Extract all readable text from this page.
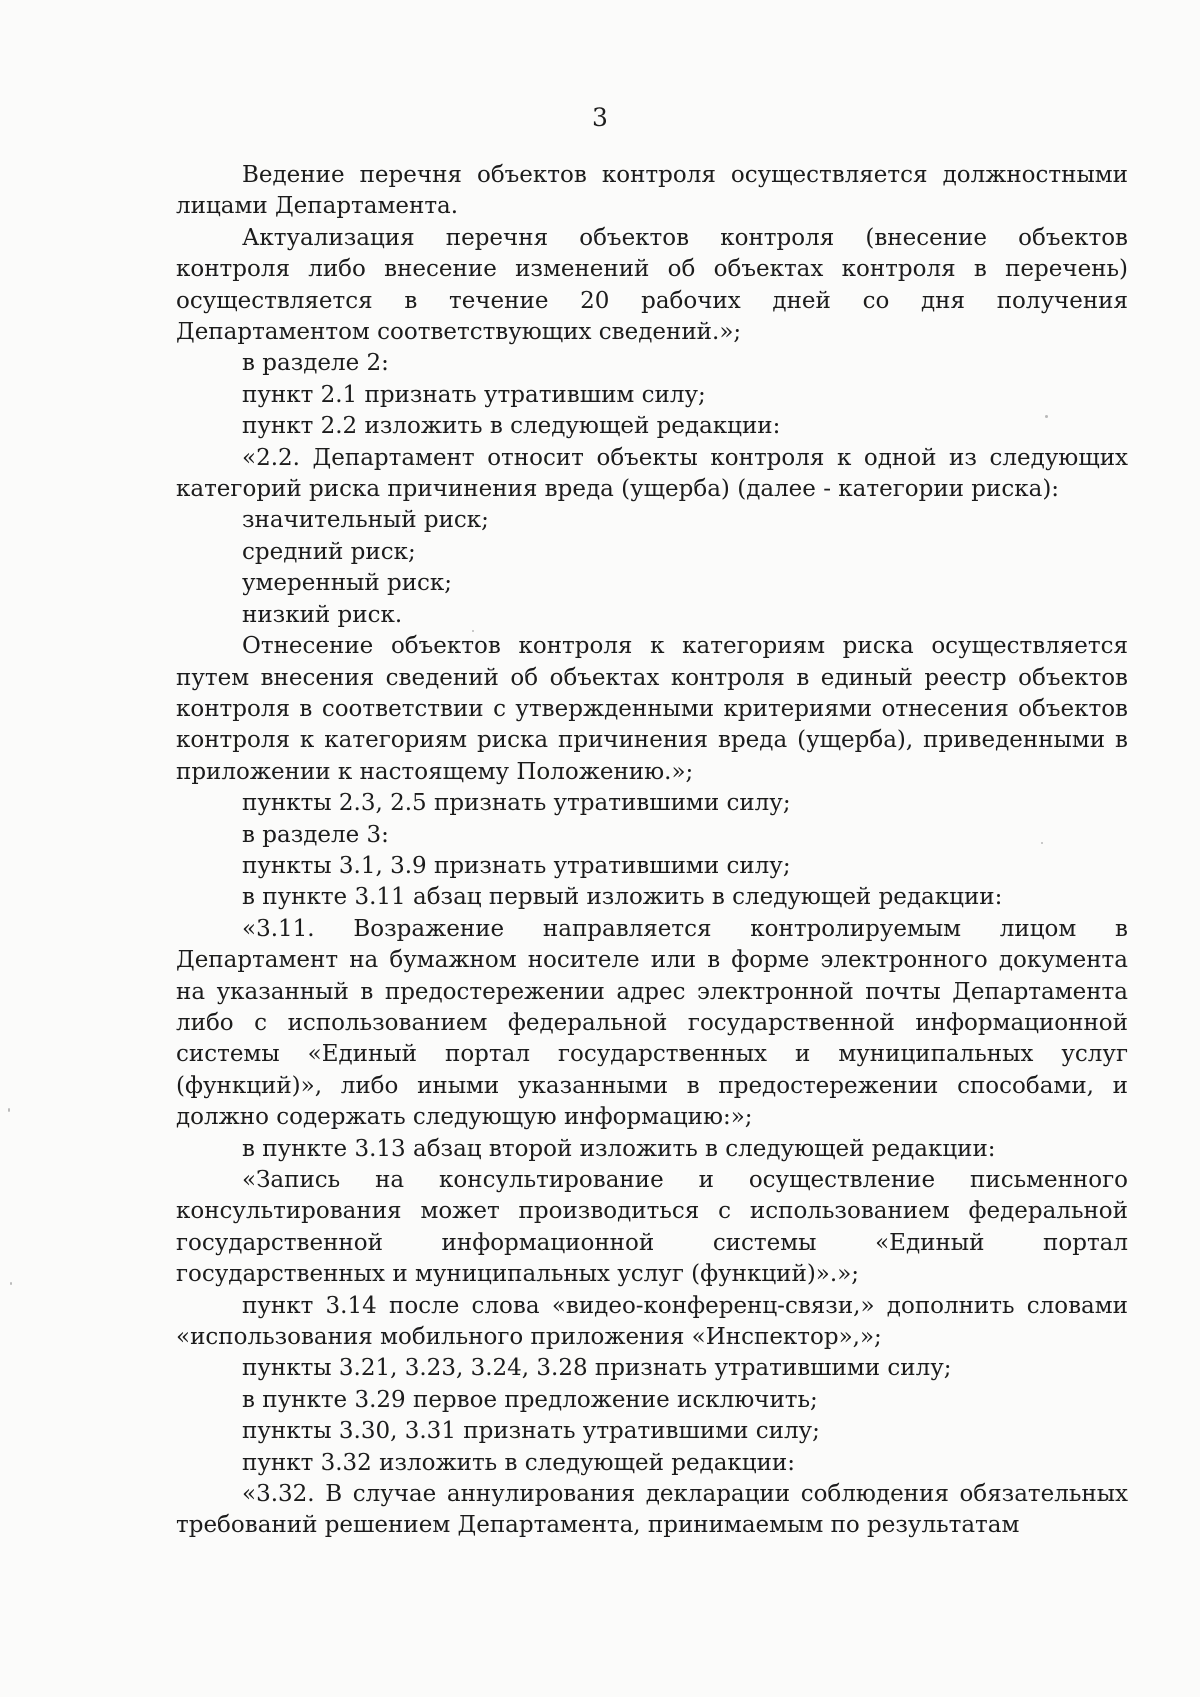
3

Ведение перечня объектов контроля осуществляется должностными лицами Департамента.

Актуализация перечня объектов контроля (внесение объектов контроля либо внесение изменений об объектах контроля в перечень) осуществляется в течение 20 рабочих дней со дня получения Департаментом соответствующих сведений.»;

в разделе 2:

пункт 2.1 признать утратившим силу;

пункт 2.2 изложить в следующей редакции:

«2.2. Департамент относит объекты контроля к одной из следующих категорий риска причинения вреда (ущерба) (далее - категории риска):

значительный риск;

средний риск;

умеренный риск;

низкий риск.

Отнесение объектов контроля к категориям риска осуществляется путем внесения сведений об объектах контроля в единый реестр объектов контроля в соответствии с утвержденными критериями отнесения объектов контроля к категориям риска причинения вреда (ущерба), приведенными в приложении к настоящему Положению.»;

пункты 2.3, 2.5 признать утратившими силу;

в разделе 3:

пункты 3.1, 3.9 признать утратившими силу;

в пункте 3.11 абзац первый изложить в следующей редакции:

«3.11. Возражение направляется контролируемым лицом в Департамент на бумажном носителе или в форме электронного документа на указанный в предостережении адрес электронной почты Департамента либо с использованием федеральной государственной информационной системы «Единый портал государственных и муниципальных услуг (функций)», либо иными указанными в предостережении способами, и должно содержать следующую информацию:»;

в пункте 3.13 абзац второй изложить в следующей редакции:

«Запись на консультирование и осуществление письменного консультирования может производиться с использованием федеральной государственной информационной системы «Единый портал государственных и муниципальных услуг (функций)».»;

пункт 3.14 после слова «видео-конференц-связи,» дополнить словами «использования мобильного приложения «Инспектор»,»;

пункты 3.21, 3.23, 3.24, 3.28 признать утратившими силу;

в пункте 3.29 первое предложение исключить;

пункты 3.30, 3.31 признать утратившими силу;

пункт 3.32 изложить в следующей редакции:

«3.32. В случае аннулирования декларации соблюдения обязательных требований решением Департамента, принимаемым по результатам
